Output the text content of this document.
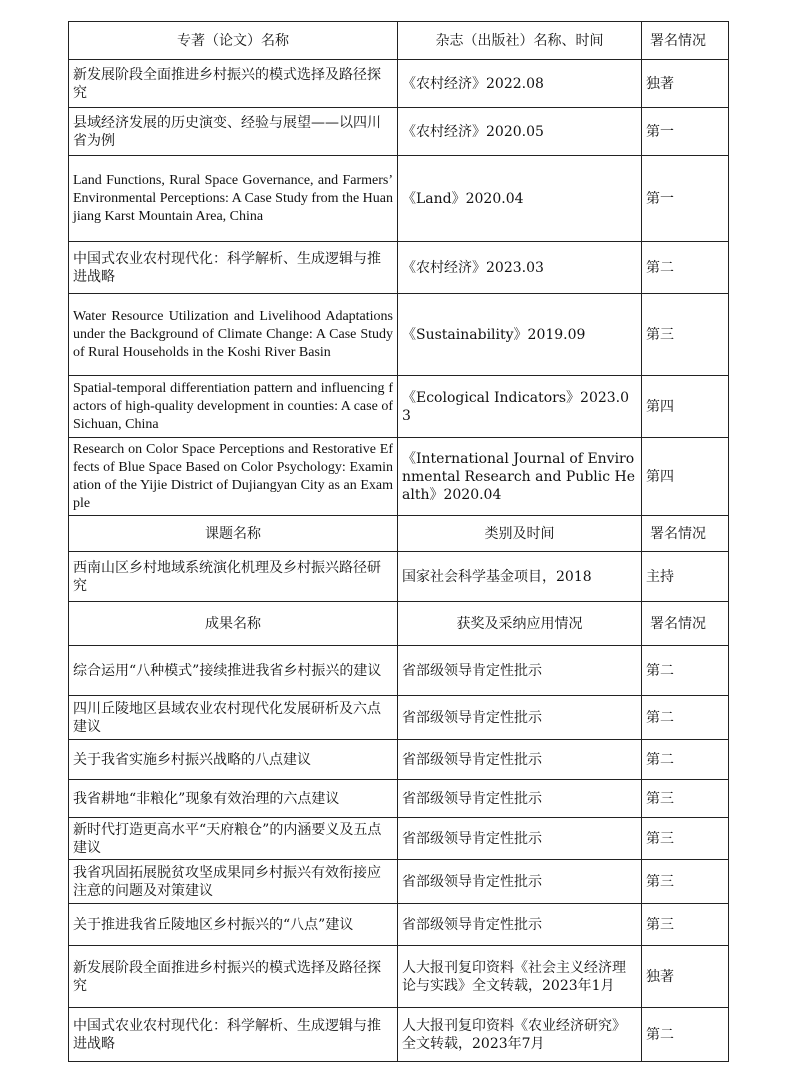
专著（论文）名称	杂志（出版社）名称、时间	署名情况
新发展阶段全面推进乡村振兴的模式选择及路径探究	《农村经济》2022.08	独著
县域经济发展的历史演变、经验与展望——以四川省为例	《农村经济》2020.05	第一
Land Functions, Rural Space Governance, and Farmers’ Environmental Perceptions: A Case Study from the Huanjiang Karst Mountain Area, China	《Land》2020.04	第一
中国式农业农村现代化：科学解析、生成逻辑与推进战略	《农村经济》2023.03	第二
Water Resource Utilization and Livelihood Adaptations under the Background of Climate Change: A Case Study of Rural Households in the Koshi River Basin	《Sustainability》2019.09	第三
Spatial-temporal differentiation pattern and influencing factors of high-quality development in counties: A case of Sichuan, China	《Ecological Indicators》2023.03	第四
Research on Color Space Perceptions and Restorative Effects of Blue Space Based on Color Psychology: Examination of the Yijie District of Dujiangyan City as an Example	《International Journal of Environmental Research and Public Health》2020.04	第四
课题名称	类别及时间	署名情况
西南山区乡村地域系统演化机理及乡村振兴路径研究	国家社会科学基金项目，2018	主持
成果名称	获奖及采纳应用情况	署名情况
综合运用“八种模式”接续推进我省乡村振兴的建议	省部级领导肯定性批示	第二
四川丘陵地区县域农业农村现代化发展研析及六点建议	省部级领导肯定性批示	第二
关于我省实施乡村振兴战略的八点建议	省部级领导肯定性批示	第二
我省耕地“非粮化”现象有效治理的六点建议	省部级领导肯定性批示	第三
新时代打造更高水平“天府粮仓”的内涵要义及五点建议	省部级领导肯定性批示	第三
我省巩固拓展脱贫攻坚成果同乡村振兴有效衔接应注意的问题及对策建议	省部级领导肯定性批示	第三
关于推进我省丘陵地区乡村振兴的“八点”建议	省部级领导肯定性批示	第三
新发展阶段全面推进乡村振兴的模式选择及路径探究	人大报刊复印资料《社会主义经济理论与实践》全文转载，2023年1月	独著
中国式农业农村现代化：科学解析、生成逻辑与推进战略	人大报刊复印资料《农业经济研究》全文转载，2023年7月	第二
